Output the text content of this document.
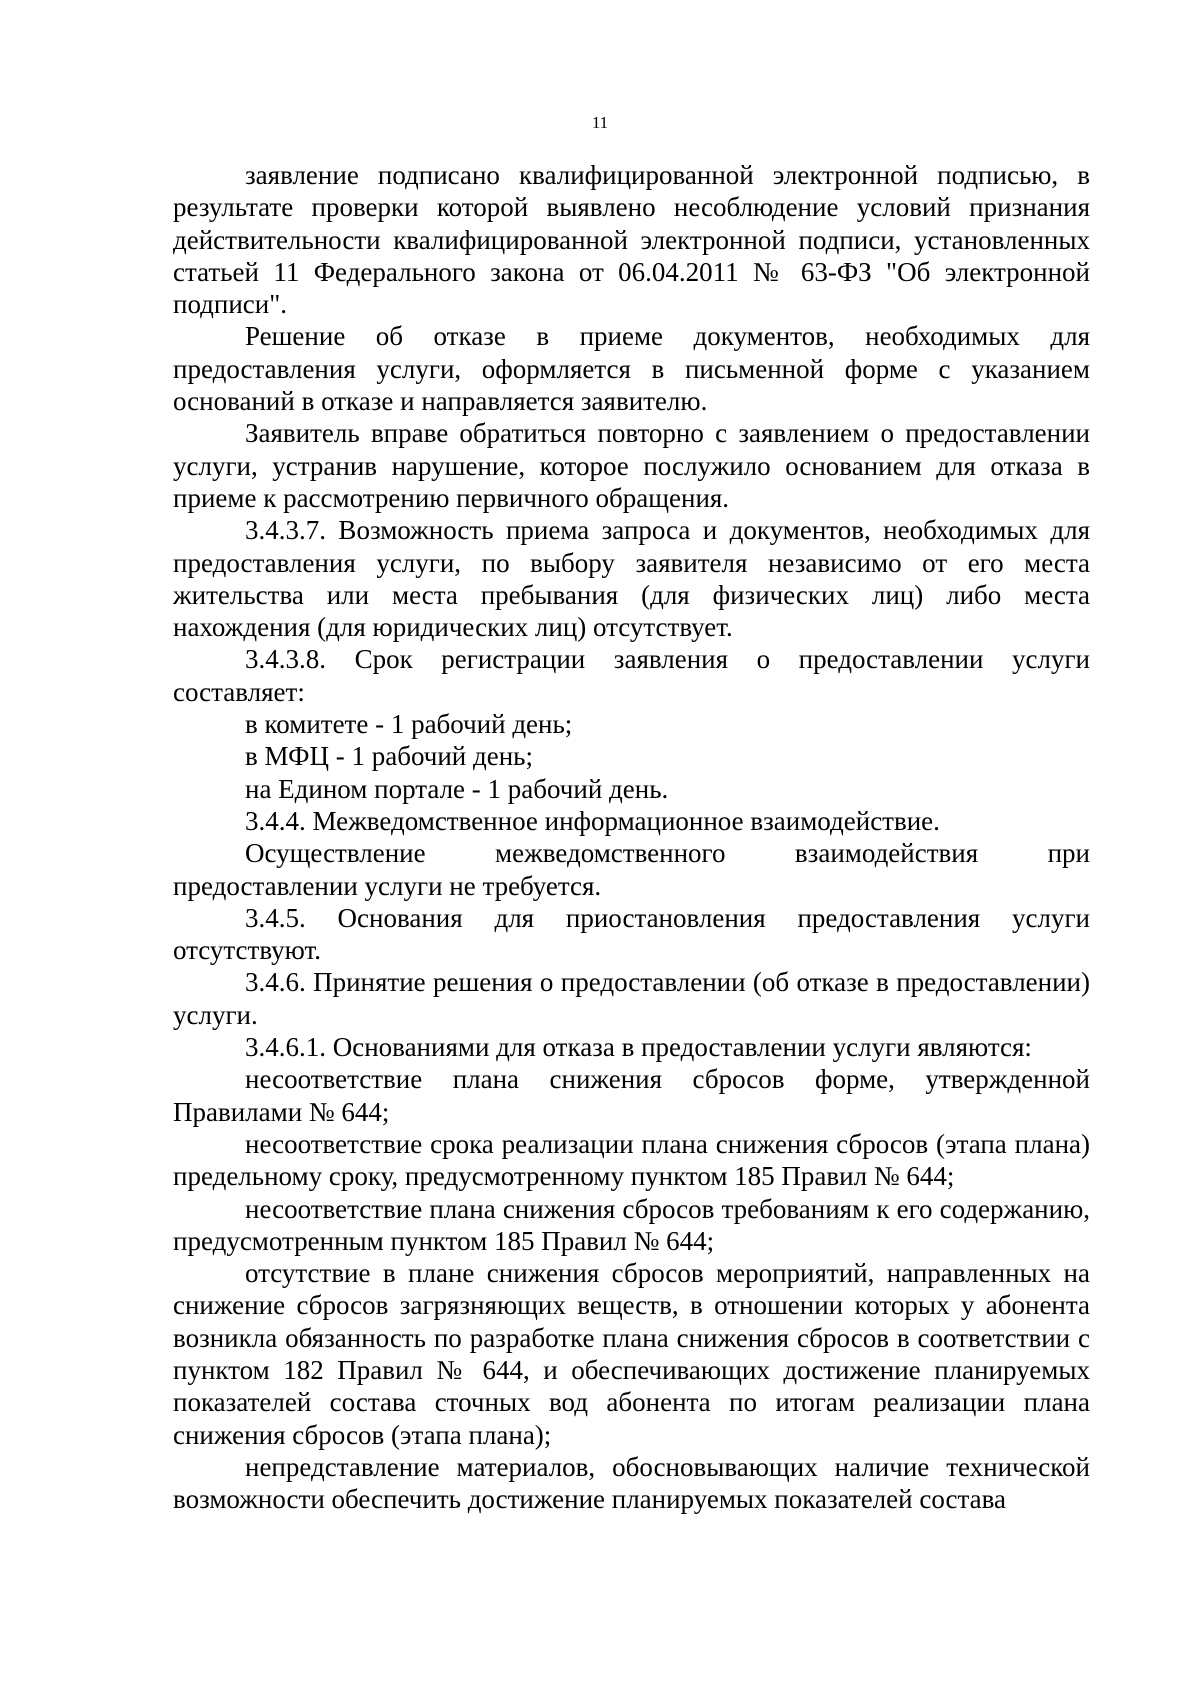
11

заявление подписано квалифицированной электронной подписью, в результате проверки которой выявлено несоблюдение условий признания действительности квалифицированной электронной подписи, установленных статьей 11 Федерального закона от 06.04.2011 № 63-ФЗ "Об электронной подписи".

Решение об отказе в приеме документов, необходимых для предоставления услуги, оформляется в письменной форме с указанием оснований в отказе и направляется заявителю.

Заявитель вправе обратиться повторно с заявлением о предоставлении услуги, устранив нарушение, которое послужило основанием для отказа в приеме к рассмотрению первичного обращения.

3.4.3.7. Возможность приема запроса и документов, необходимых для предоставления услуги, по выбору заявителя независимо от его места жительства или места пребывания (для физических лиц) либо места нахождения (для юридических лиц) отсутствует.

3.4.3.8. Срок регистрации заявления о предоставлении услуги составляет:

в комитете - 1 рабочий день;

в МФЦ - 1 рабочий день;

на Едином портале - 1 рабочий день.

3.4.4. Межведомственное информационное взаимодействие.

Осуществление межведомственного взаимодействия при предоставлении услуги не требуется.

3.4.5. Основания для приостановления предоставления услуги отсутствуют.

3.4.6. Принятие решения о предоставлении (об отказе в предоставлении) услуги.

3.4.6.1. Основаниями для отказа в предоставлении услуги являются:

несоответствие плана снижения сбросов форме, утвержденной Правилами № 644;

несоответствие срока реализации плана снижения сбросов (этапа плана) предельному сроку, предусмотренному пунктом 185 Правил № 644;

несоответствие плана снижения сбросов требованиям к его содержанию, предусмотренным пунктом 185 Правил № 644;

отсутствие в плане снижения сбросов мероприятий, направленных на снижение сбросов загрязняющих веществ, в отношении которых у абонента возникла обязанность по разработке плана снижения сбросов в соответствии с пунктом 182 Правил № 644, и обеспечивающих достижение планируемых показателей состава сточных вод абонента по итогам реализации плана снижения сбросов (этапа плана);

непредставление материалов, обосновывающих наличие технической возможности обеспечить достижение планируемых показателей состава
